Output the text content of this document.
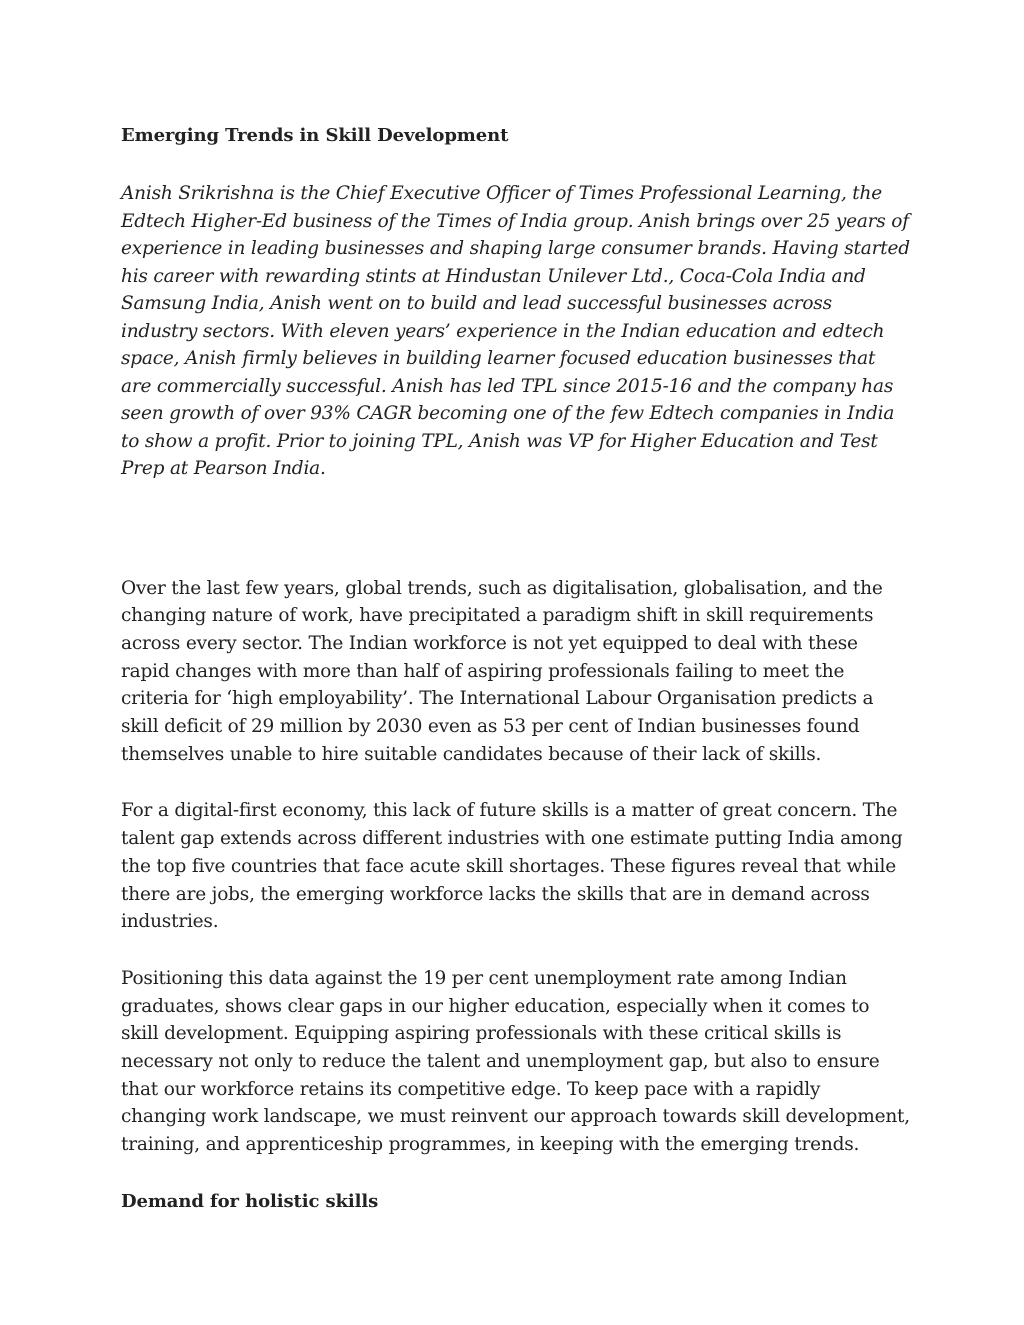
Emerging Trends in Skill Development

Anish Srikrishna is the Chief Executive Officer of Times Professional Learning, the Edtech Higher-Ed business of the Times of India group. Anish brings over 25 years of experience in leading businesses and shaping large consumer brands. Having started his career with rewarding stints at Hindustan Unilever Ltd., Coca-Cola India and Samsung India, Anish went on to build and lead successful businesses across industry sectors. With eleven years’ experience in the Indian education and edtech space, Anish firmly believes in building learner focused education businesses that are commercially successful. Anish has led TPL since 2015-16 and the company has seen growth of over 93% CAGR becoming one of the few Edtech companies in India to show a profit. Prior to joining TPL, Anish was VP for Higher Education and Test Prep at Pearson India.

Over the last few years, global trends, such as digitalisation, globalisation, and the changing nature of work, have precipitated a paradigm shift in skill requirements across every sector. The Indian workforce is not yet equipped to deal with these rapid changes with more than half of aspiring professionals failing to meet the criteria for ‘high employability’. The International Labour Organisation predicts a skill deficit of 29 million by 2030 even as 53 per cent of Indian businesses found themselves unable to hire suitable candidates because of their lack of skills.

For a digital-first economy, this lack of future skills is a matter of great concern. The talent gap extends across different industries with one estimate putting India among the top five countries that face acute skill shortages. These figures reveal that while there are jobs, the emerging workforce lacks the skills that are in demand across industries.

Positioning this data against the 19 per cent unemployment rate among Indian graduates, shows clear gaps in our higher education, especially when it comes to skill development. Equipping aspiring professionals with these critical skills is necessary not only to reduce the talent and unemployment gap, but also to ensure that our workforce retains its competitive edge. To keep pace with a rapidly changing work landscape, we must reinvent our approach towards skill development, training, and apprenticeship programmes, in keeping with the emerging trends.

Demand for holistic skills
